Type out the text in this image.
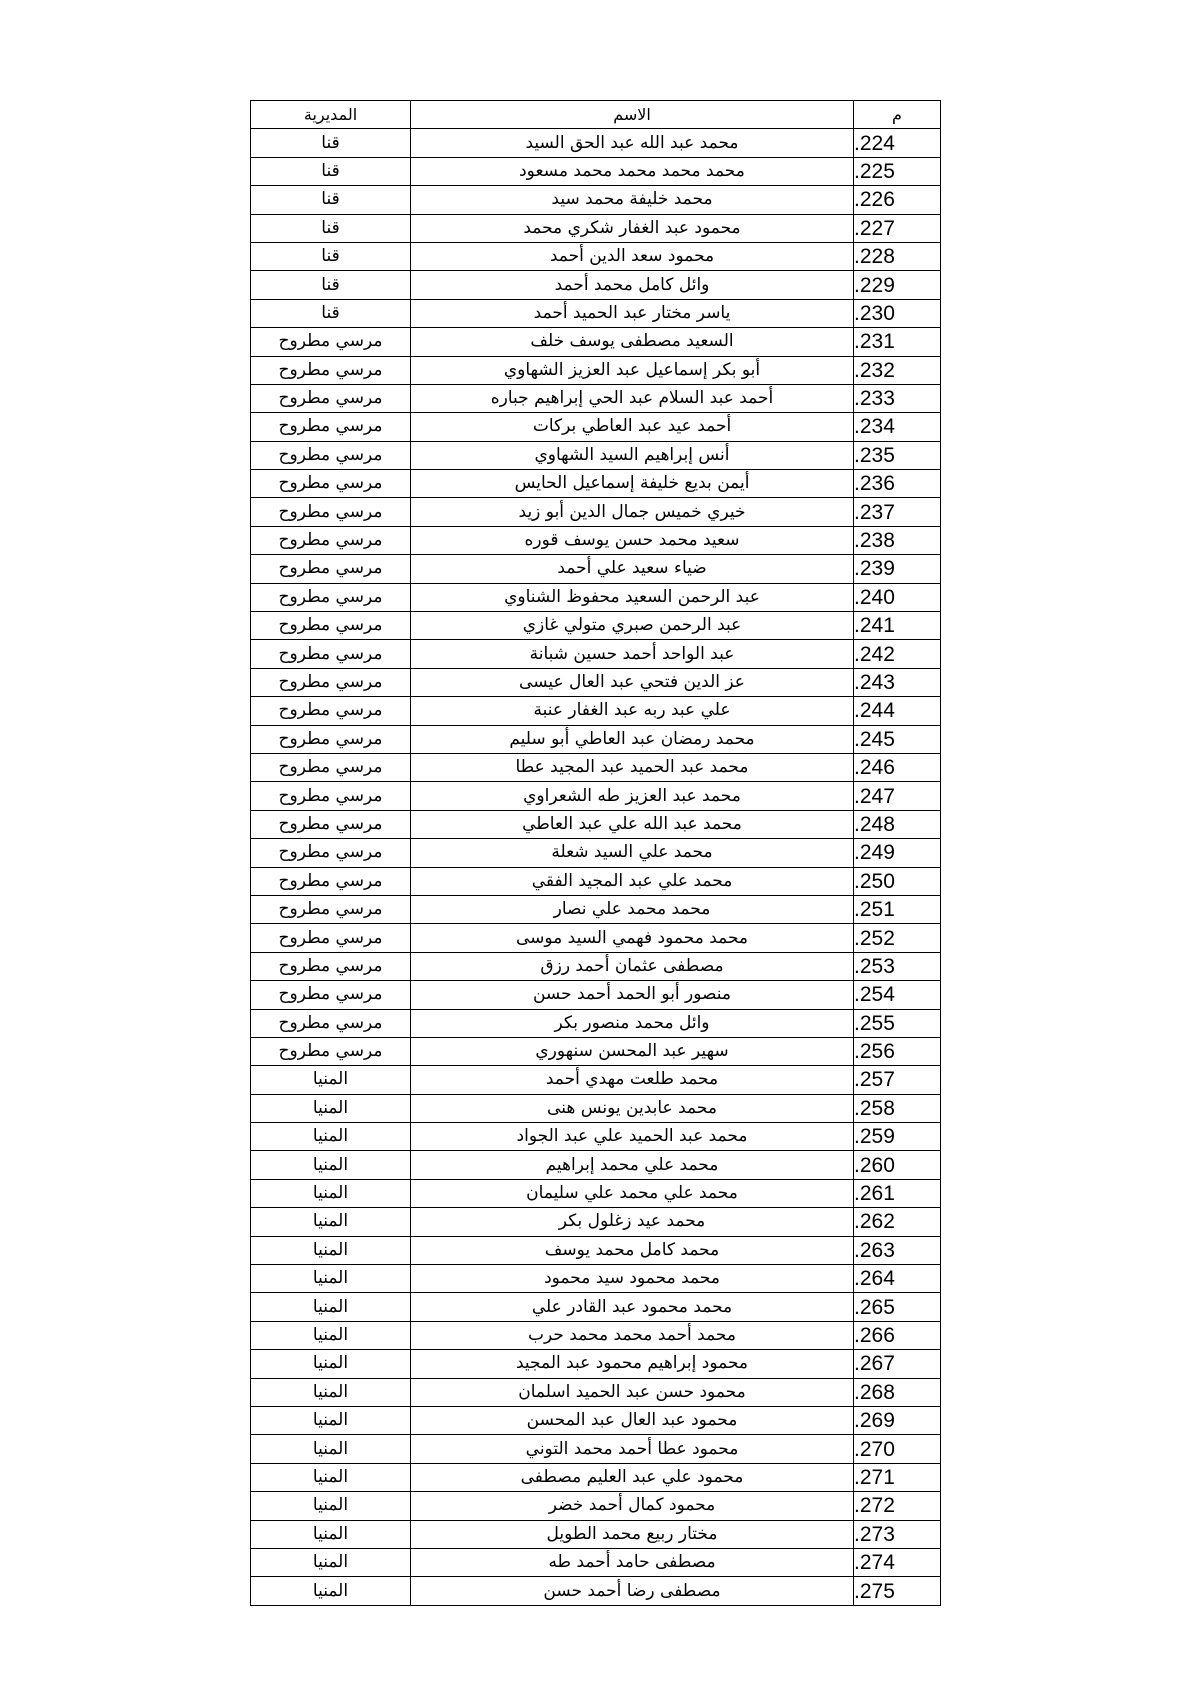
المديرية	الاسم	م
قنا	محمد عبد الله عبد الحق السيد	.224
قنا	محمد محمد محمد محمد مسعود	.225
قنا	محمد خليفة محمد سيد	.226
قنا	محمود عبد الغفار شكري محمد	.227
قنا	محمود سعد الدين أحمد	.228
قنا	وائل كامل محمد أحمد	.229
قنا	ياسر مختار عبد الحميد أحمد	.230
مرسي مطروح	السعيد مصطفى يوسف خلف	.231
مرسي مطروح	أبو بكر إسماعيل عبد العزيز الشهاوي	.232
مرسي مطروح	أحمد عبد السلام عبد الحي إبراهيم جباره	.233
مرسي مطروح	أحمد عيد عبد العاطي بركات	.234
مرسي مطروح	أنس إبراهيم السيد الشهاوي	.235
مرسي مطروح	أيمن بديع خليفة إسماعيل الحايس	.236
مرسي مطروح	خيري خميس جمال الدين أبو زيد	.237
مرسي مطروح	سعيد محمد حسن يوسف قوره	.238
مرسي مطروح	ضياء سعيد علي أحمد	.239
مرسي مطروح	عبد الرحمن السعيد محفوظ الشناوي	.240
مرسي مطروح	عبد الرحمن صبري متولي غازي	.241
مرسي مطروح	عبد الواحد أحمد حسين شبانة	.242
مرسي مطروح	عز الدين فتحي عبد العال عيسى	.243
مرسي مطروح	علي عبد ربه عبد الغفار عنبة	.244
مرسي مطروح	محمد رمضان عبد العاطي أبو سليم	.245
مرسي مطروح	محمد عبد الحميد عبد المجيد عطا	.246
مرسي مطروح	محمد عبد العزيز طه الشعراوي	.247
مرسي مطروح	محمد عبد الله علي عبد العاطي	.248
مرسي مطروح	محمد علي السيد شعلة	.249
مرسي مطروح	محمد علي عبد المجيد الفقي	.250
مرسي مطروح	محمد محمد علي نصار	.251
مرسي مطروح	محمد محمود فهمي السيد موسى	.252
مرسي مطروح	مصطفى عثمان أحمد رزق	.253
مرسي مطروح	منصور أبو الحمد أحمد حسن	.254
مرسي مطروح	وائل محمد منصور بكر	.255
مرسي مطروح	سهير عبد المحسن سنهوري	.256
المنيا	محمد طلعت مهدي أحمد	.257
المنيا	محمد عابدين يونس هنى	.258
المنيا	محمد عبد الحميد علي عبد الجواد	.259
المنيا	محمد علي محمد إبراهيم	.260
المنيا	محمد علي محمد علي سليمان	.261
المنيا	محمد عيد زغلول بكر	.262
المنيا	محمد كامل محمد يوسف	.263
المنيا	محمد محمود سيد محمود	.264
المنيا	محمد محمود عبد القادر علي	.265
المنيا	محمد أحمد محمد محمد حرب	.266
المنيا	محمود إبراهيم محمود عبد المجيد	.267
المنيا	محمود حسن عبد الحميد اسلمان	.268
المنيا	محمود عبد العال عبد المحسن	.269
المنيا	محمود عطا أحمد محمد التوني	.270
المنيا	محمود علي عبد العليم مصطفى	.271
المنيا	محمود كمال أحمد خضر	.272
المنيا	مختار ربيع محمد الطويل	.273
المنيا	مصطفى حامد أحمد طه	.274
المنيا	مصطفى رضا أحمد حسن	.275
